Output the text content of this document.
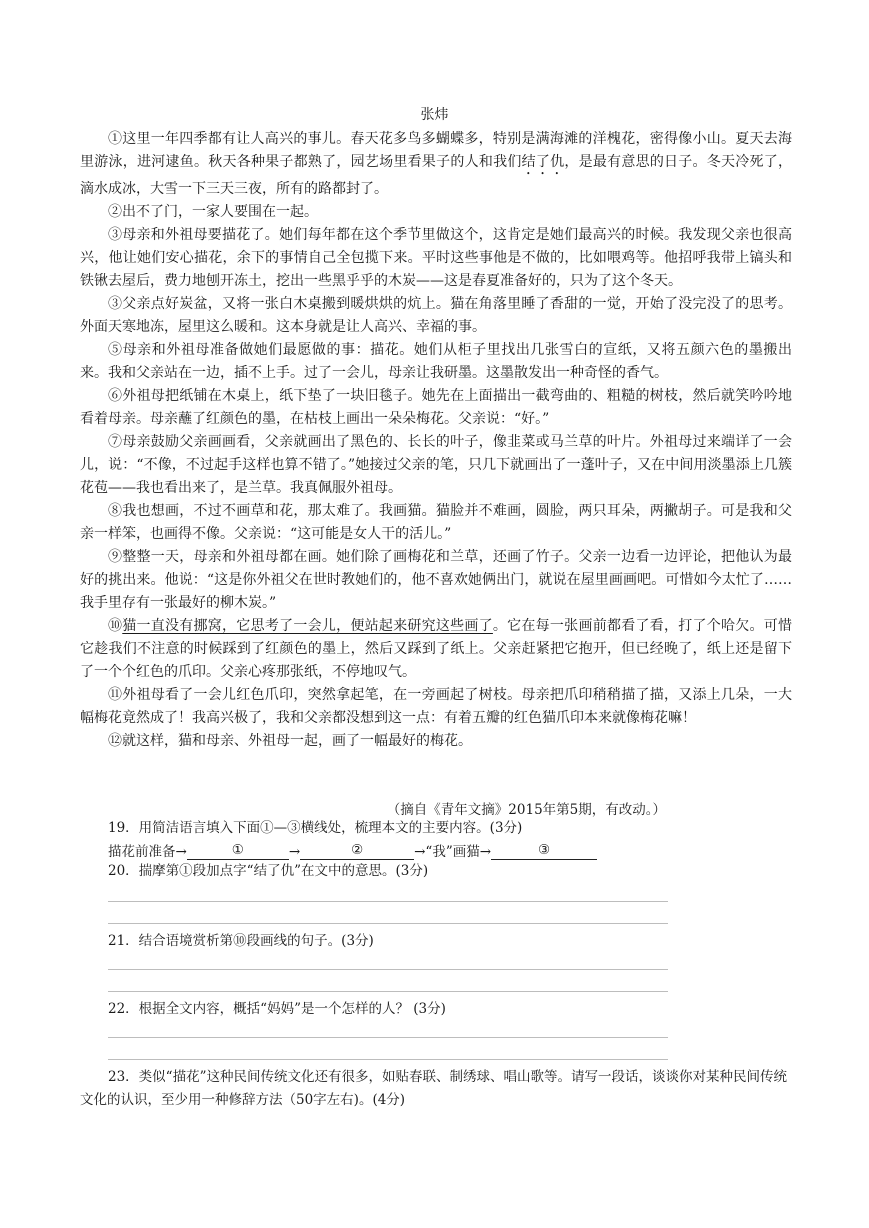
张炜

①这里一年四季都有让人高兴的事儿。春天花多鸟多蝴蝶多，特别是满海滩的洋槐花，密得像小山。夏天去海里游泳，进河逮鱼。秋天各种果子都熟了，园艺场里看果子的人和我们结了仇，是最有意思的日子。冬天冷死了，滴水成冰，大雪一下三天三夜，所有的路都封了。

②出不了门，一家人要围在一起。

③母亲和外祖母要描花了。她们每年都在这个季节里做这个，这肯定是她们最高兴的时候。我发现父亲也很高兴，他让她们安心描花，余下的事情自己全包揽下来。平时这些事他是不做的，比如喂鸡等。他招呼我带上镐头和铁锹去屋后，费力地刨开冻土，挖出一些黑乎乎的木炭——这是春夏准备好的，只为了这个冬天。

③父亲点好炭盆，又将一张白木桌搬到暖烘烘的炕上。猫在角落里睡了香甜的一觉，开始了没完没了的思考。外面天寒地冻，屋里这么暖和。这本身就是让人高兴、幸福的事。

⑤母亲和外祖母准备做她们最愿做的事：描花。她们从柜子里找出几张雪白的宣纸，又将五颜六色的墨搬出来。我和父亲站在一边，插不上手。过了一会儿，母亲让我研墨。这墨散发出一种奇怪的香气。

⑥外祖母把纸铺在木桌上，纸下垫了一块旧毯子。她先在上面描出一截弯曲的、粗糙的树枝，然后就笑吟吟地看着母亲。母亲蘸了红颜色的墨，在枯枝上画出一朵朵梅花。父亲说：“好。”

⑦母亲鼓励父亲画画看，父亲就画出了黑色的、长长的叶子，像韭菜或马兰草的叶片。外祖母过来端详了一会儿，说：“不像，不过起手这样也算不错了。”她接过父亲的笔，只几下就画出了一蓬叶子，又在中间用淡墨添上几簇花苞——我也看出来了，是兰草。我真佩服外祖母。

⑧我也想画，不过不画草和花，那太难了。我画猫。猫脸并不难画，圆脸，两只耳朵，两撇胡子。可是我和父亲一样笨，也画得不像。父亲说：“这可能是女人干的活儿。”

⑨整整一天，母亲和外祖母都在画。她们除了画梅花和兰草，还画了竹子。父亲一边看一边评论，把他认为最好的挑出来。他说：“这是你外祖父在世时教她们的，他不喜欢她俩出门，就说在屋里画画吧。可惜如今太忙了……我手里存有一张最好的柳木炭。”

⑩猫一直没有挪窝，它思考了一会儿，便站起来研究这些画了。它在每一张画前都看了看，打了个哈欠。可惜它趁我们不注意的时候踩到了红颜色的墨上，然后又踩到了纸上。父亲赶紧把它抱开，但已经晚了，纸上还是留下了一个个红色的爪印。父亲心疼那张纸，不停地叹气。

⑪外祖母看了一会儿红色爪印，突然拿起笔，在一旁画起了树枝。母亲把爪印稍稍描了描，又添上几朵，一大幅梅花竟然成了！我高兴极了，我和父亲都没想到这一点：有着五瓣的红色猫爪印本来就像梅花嘛！

⑫就这样，猫和母亲、外祖母一起，画了一幅最好的梅花。

（摘自《青年文摘》2015年第5期，有改动。）
19．用简洁语言填入下面①—③横线处，梳理本文的主要内容。(3分)
描花前准备→	①	→	②	→“我”画猫→	③
20．揣摩第①段加点字“结了仇”在文中的意思。(3分)
21．结合语境赏析第⑩段画线的句子。(3分)
22．根据全文内容，概括“妈妈”是一个怎样的人？ (3分)
23．类似“描花”这种民间传统文化还有很多，如贴春联、制绣球、唱山歌等。请写一段话，谈谈你对某种民间传统文化的认识，至少用一种修辞方法（50字左右)。(4分)
